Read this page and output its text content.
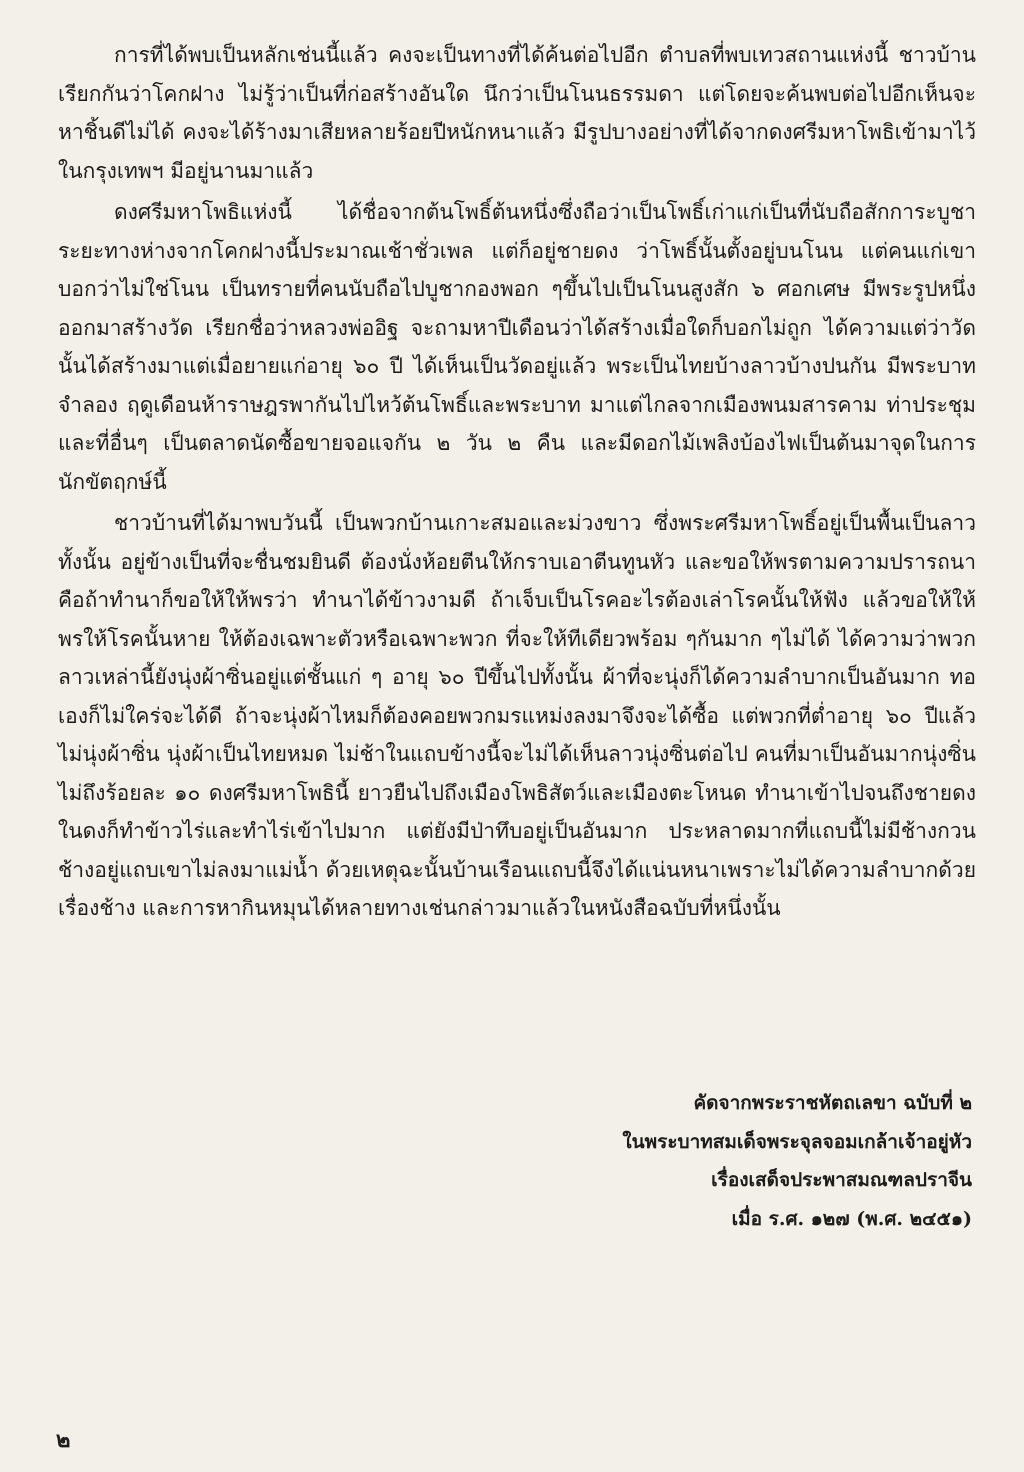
การที่ได้พบเป็นหลักเช่นนี้แล้ว คงจะเป็นทางที่ได้ค้นต่อไปอีก ตำบลที่พบเทวสถานแห่งนี้ ชาวบ้านเรียกกันว่าโคกฝาง ไม่รู้ว่าเป็นที่ก่อสร้างอันใด นึกว่าเป็นโนนธรรมดา แต่โดยจะค้นพบต่อไปอีกเห็นจะหาชิ้นดีไม่ได้ คงจะได้ร้างมาเสียหลายร้อยปีหนักหนาแล้ว มีรูปบางอย่างที่ได้จากดงศรีมหาโพธิเข้ามาไว้ในกรุงเทพฯ มีอยู่นานมาแล้ว

ดงศรีมหาโพธิแห่งนี้ ได้ชื่อจากต้นโพธิ์ต้นหนึ่งซึ่งถือว่าเป็นโพธิ์เก่าแก่เป็นที่นับถือสักการะบูชา ระยะทางห่างจากโคกฝางนี้ประมาณเช้าชั่วเพล แต่ก็อยู่ชายดง ว่าโพธิ์นั้นตั้งอยู่บนโนน แต่คนแก่เขาบอกว่าไม่ใช่โนน เป็นทรายที่คนนับถือไปบูชากองพอก ๆขึ้นไปเป็นโนนสูงสัก ๖ ศอกเศษ มีพระรูปหนึ่งออกมาสร้างวัด เรียกชื่อว่าหลวงพ่ออิฐ จะถามหาปีเดือนว่าได้สร้างเมื่อใดก็บอกไม่ถูก ได้ความแต่ว่าวัดนั้นได้สร้างมาแต่เมื่อยายแก่อายุ ๖๐ ปี ได้เห็นเป็นวัดอยู่แล้ว พระเป็นไทยบ้างลาวบ้างปนกัน มีพระบาทจำลอง ฤดูเดือนห้าราษฎรพากันไปไหว้ต้นโพธิ์และพระบาท มาแต่ไกลจากเมืองพนมสารคาม ท่าประชุม และที่อื่นๆ เป็นตลาดนัดซื้อขายจอแจกัน ๒ วัน ๒ คืน และมีดอกไม้เพลิงบ้องไฟเป็นต้นมาจุดในการนักขัตฤกษ์นี้

ชาวบ้านที่ได้มาพบวันนี้ เป็นพวกบ้านเกาะสมอและม่วงขาว ซึ่งพระศรีมหาโพธิ์อยู่เป็นพื้นเป็นลาวทั้งนั้น อยู่ข้างเป็นที่จะชื่นชมยินดี ต้องนั่งห้อยตีนให้กราบเอาตีนทูนหัว และขอให้พรตามความปรารถนา คือถ้าทำนาก็ขอให้ให้พรว่า ทำนาได้ข้าวงามดี ถ้าเจ็บเป็นโรคอะไรต้องเล่าโรคนั้นให้ฟัง แล้วขอให้ให้พรให้โรคนั้นหาย ให้ต้องเฉพาะตัวหรือเฉพาะพวก ที่จะให้ทีเดียวพร้อม ๆกันมาก ๆไม่ได้ ได้ความว่าพวกลาวเหล่านี้ยังนุ่งผ้าซิ่นอยู่แต่ชั้นแก่ ๆ อายุ ๖๐ ปีขึ้นไปทั้งนั้น ผ้าที่จะนุ่งก็ได้ความลำบากเป็นอันมาก ทอเองก็ไม่ใคร่จะได้ดี ถ้าจะนุ่งผ้าไหมก็ต้องคอยพวกมรแหม่งลงมาจึงจะได้ซื้อ แต่พวกที่ต่ำอายุ ๖๐ ปีแล้วไม่นุ่งผ้าซิ่น นุ่งผ้าเป็นไทยหมด ไม่ช้าในแถบข้างนี้จะไม่ได้เห็นลาวนุ่งซิ่นต่อไป คนที่มาเป็นอันมากนุ่งซิ่นไม่ถึงร้อยละ ๑๐ ดงศรีมหาโพธินี้ ยาวยืนไปถึงเมืองโพธิสัตว์และเมืองตะโหนด ทำนาเข้าไปจนถึงชายดง ในดงก็ทำข้าวไร่และทำไร่เข้าไปมาก แต่ยังมีป่าทึบอยู่เป็นอันมาก ประหลาดมากที่แถบนี้ไม่มีช้างกวน ช้างอยู่แถบเขาไม่ลงมาแม่น้ำ ด้วยเหตุฉะนั้นบ้านเรือนแถบนี้จึงได้แน่นหนาเพราะไม่ได้ความลำบากด้วยเรื่องช้าง และการหากินหมุนได้หลายทางเช่นกล่าวมาแล้วในหนังสือฉบับที่หนึ่งนั้น

คัดจากพระราชหัตถเลขา ฉบับที่ ๒
ในพระบาทสมเด็จพระจุลจอมเกล้าเจ้าอยู่หัว
เรื่องเสด็จประพาสมณฑลปราจีน
เมื่อ ร.ศ. ๑๒๗ (พ.ศ. ๒๔๕๑)
๒
